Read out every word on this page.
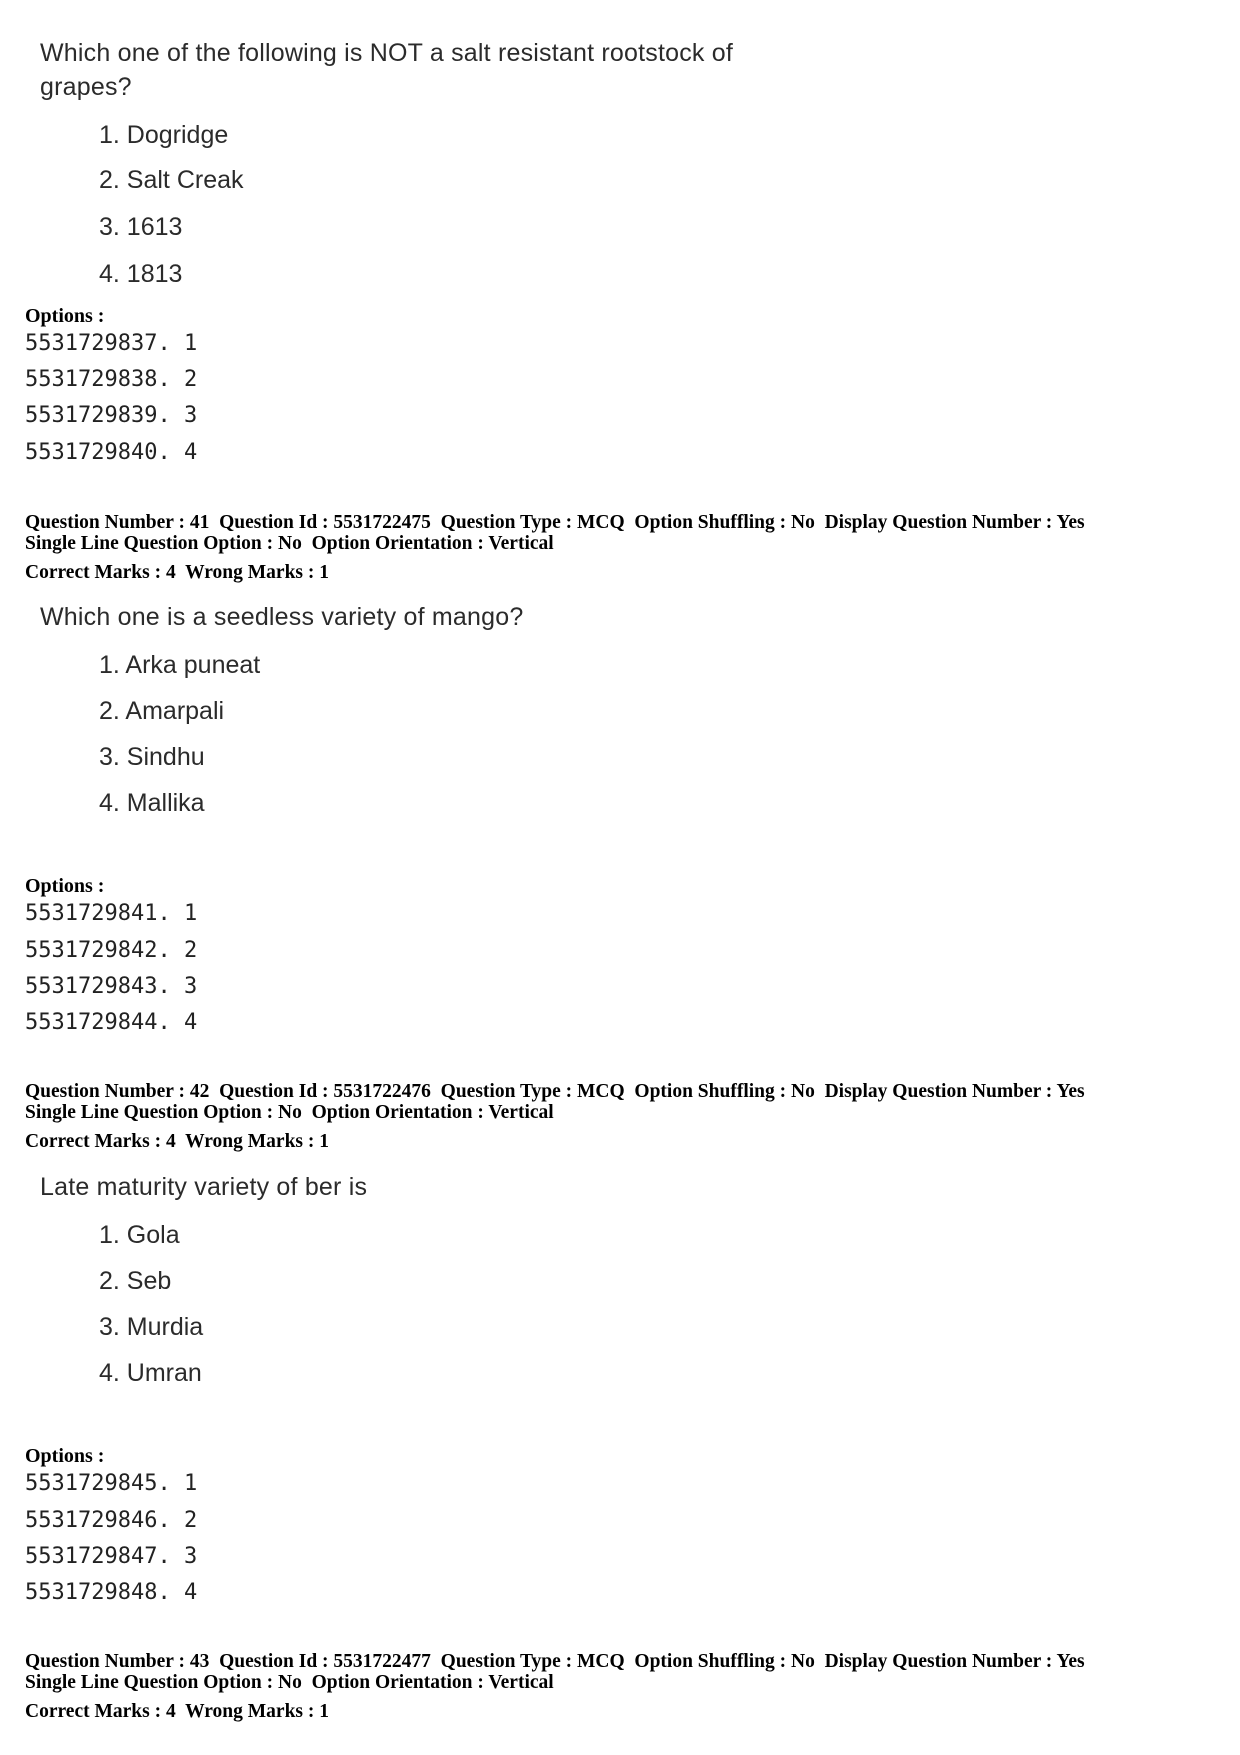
Which one of the following is NOT a salt resistant rootstock of
grapes?
1. Dogridge
2. Salt Creak
3. 1613
4. 1813
Options :
5531729837. 1
5531729838. 2
5531729839. 3
5531729840. 4
Question Number : 41  Question Id : 5531722475  Question Type : MCQ  Option Shuffling : No  Display Question Number : Yes
Single Line Question Option : No  Option Orientation : Vertical
Correct Marks : 4  Wrong Marks : 1
Which one is a seedless variety of mango?
1. Arka puneat
2. Amarpali
3. Sindhu
4. Mallika
Options :
5531729841. 1
5531729842. 2
5531729843. 3
5531729844. 4
Question Number : 42  Question Id : 5531722476  Question Type : MCQ  Option Shuffling : No  Display Question Number : Yes
Single Line Question Option : No  Option Orientation : Vertical
Correct Marks : 4  Wrong Marks : 1
Late maturity variety of ber is
1. Gola
2. Seb
3. Murdia
4. Umran
Options :
5531729845. 1
5531729846. 2
5531729847. 3
5531729848. 4
Question Number : 43  Question Id : 5531722477  Question Type : MCQ  Option Shuffling : No  Display Question Number : Yes
Single Line Question Option : No  Option Orientation : Vertical
Correct Marks : 4  Wrong Marks : 1
